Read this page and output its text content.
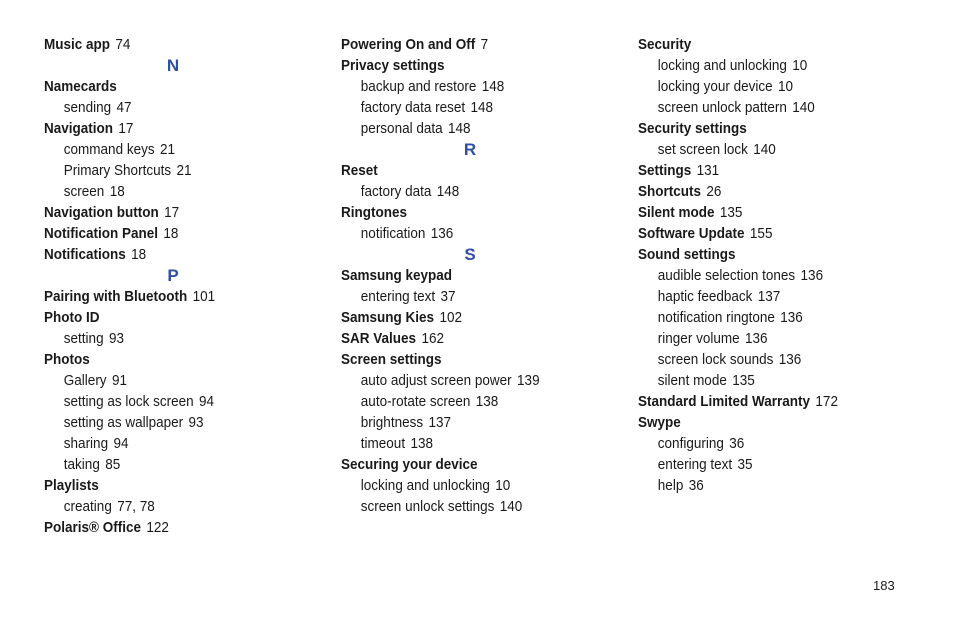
Music app 74
N
Namecards
sending 47
Navigation 17
command keys 21
Primary Shortcuts 21
screen 18
Navigation button 17
Notification Panel 18
Notifications 18
P
Pairing with Bluetooth 101
Photo ID
setting 93
Photos
Gallery 91
setting as lock screen 94
setting as wallpaper 93
sharing 94
taking 85
Playlists
creating 77, 78
Polaris® Office 122
Powering On and Off 7
Privacy settings
backup and restore 148
factory data reset 148
personal data 148
R
Reset
factory data 148
Ringtones
notification 136
S
Samsung keypad
entering text 37
Samsung Kies 102
SAR Values 162
Screen settings
auto adjust screen power 139
auto-rotate screen 138
brightness 137
timeout 138
Securing your device
locking and unlocking 10
screen unlock settings 140
Security
locking and unlocking 10
locking your device 10
screen unlock pattern 140
Security settings
set screen lock 140
Settings 131
Shortcuts 26
Silent mode 135
Software Update 155
Sound settings
audible selection tones 136
haptic feedback 137
notification ringtone 136
ringer volume 136
screen lock sounds 136
silent mode 135
Standard Limited Warranty 172
Swype
configuring 36
entering text 35
help 36
183
